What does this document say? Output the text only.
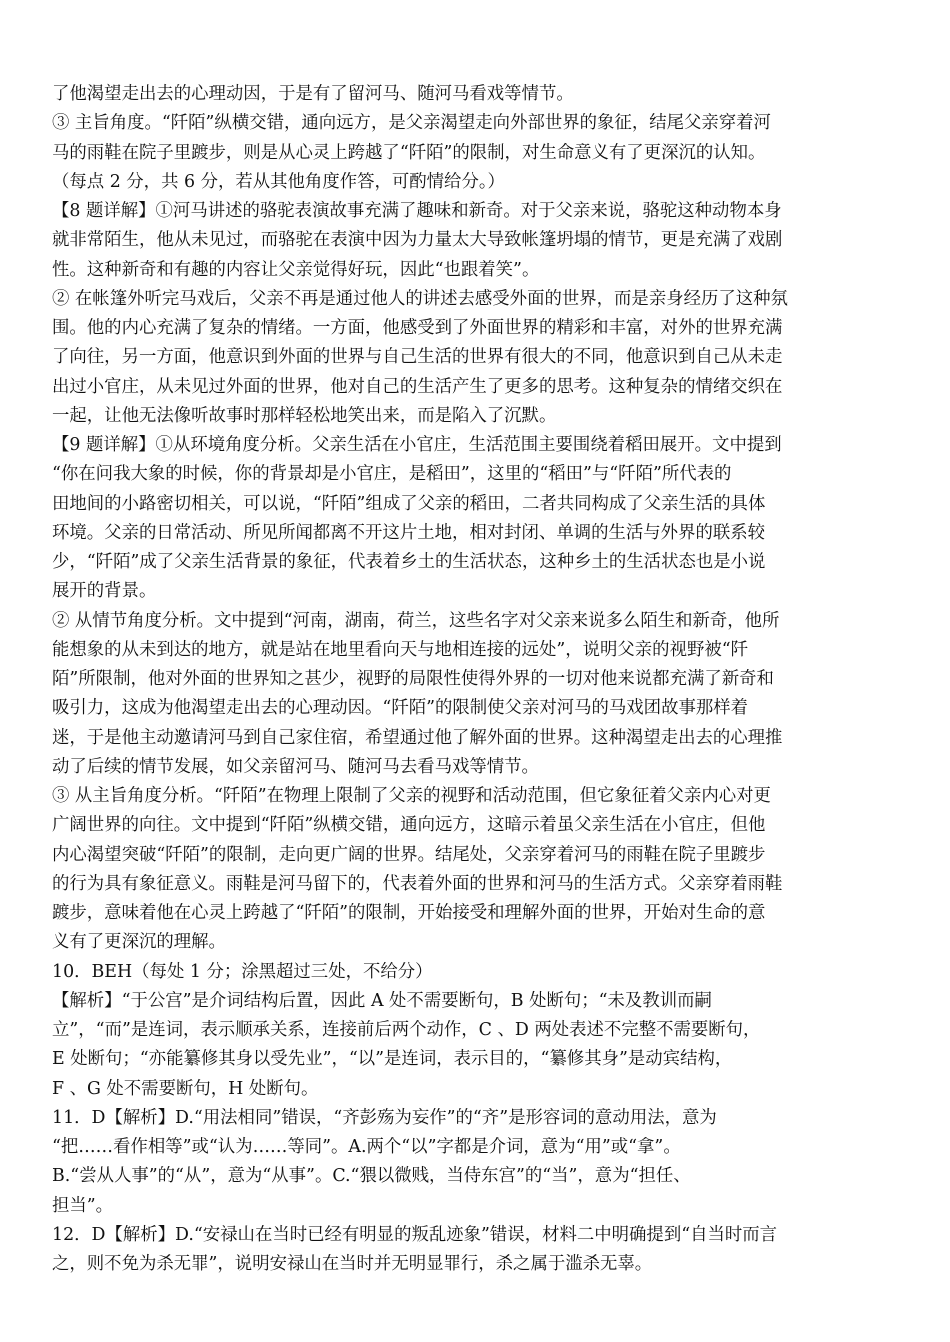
了他渴望走出去的心理动因，于是有了留河马、随河马看戏等情节。
③ 主旨角度。“阡陌”纵横交错，通向远方，是父亲渴望走向外部世界的象征，结尾父亲穿着河
马的雨鞋在院子里踱步，则是从心灵上跨越了“阡陌”的限制，对生命意义有了更深沉的认知。
（每点 2 分，共 6 分，若从其他角度作答，可酌情给分。）
【8 题详解】①河马讲述的骆驼表演故事充满了趣味和新奇。对于父亲来说，骆驼这种动物本身
就非常陌生，他从未见过，而骆驼在表演中因为力量太大导致帐篷坍塌的情节，更是充满了戏剧
性。这种新奇和有趣的内容让父亲觉得好玩，因此“也跟着笑”。
② 在帐篷外听完马戏后，父亲不再是通过他人的讲述去感受外面的世界，而是亲身经历了这种氛
围。他的内心充满了复杂的情绪。一方面，他感受到了外面世界的精彩和丰富，对外的世界充满
了向往，另一方面，他意识到外面的世界与自己生活的世界有很大的不同，他意识到自己从未走
出过小官庄，从未见过外面的世界，他对自己的生活产生了更多的思考。这种复杂的情绪交织在
一起，让他无法像听故事时那样轻松地笑出来，而是陷入了沉默。
【9 题详解】①从环境角度分析。父亲生活在小官庄，生活范围主要围绕着稻田展开。文中提到
“你在问我大象的时候，你的背景却是小官庄，是稻田”，这里的“稻田”与“阡陌”所代表的
田地间的小路密切相关，可以说，“阡陌”组成了父亲的稻田，二者共同构成了父亲生活的具体
环境。父亲的日常活动、所见所闻都离不开这片土地，相对封闭、单调的生活与外界的联系较
少，“阡陌”成了父亲生活背景的象征，代表着乡土的生活状态，这种乡土的生活状态也是小说
展开的背景。
② 从情节角度分析。文中提到“河南，湖南，荷兰，这些名字对父亲来说多么陌生和新奇，他所
能想象的从未到达的地方，就是站在地里看向天与地相连接的远处”，说明父亲的视野被“阡
陌”所限制，他对外面的世界知之甚少，视野的局限性使得外界的一切对他来说都充满了新奇和
吸引力，这成为他渴望走出去的心理动因。“阡陌”的限制使父亲对河马的马戏团故事那样着
迷，于是他主动邀请河马到自己家住宿，希望通过他了解外面的世界。这种渴望走出去的心理推
动了后续的情节发展，如父亲留河马、随河马去看马戏等情节。
③ 从主旨角度分析。“阡陌”在物理上限制了父亲的视野和活动范围，但它象征着父亲内心对更
广阔世界的向往。文中提到“阡陌”纵横交错，通向远方，这暗示着虽父亲生活在小官庄，但他
内心渴望突破“阡陌”的限制，走向更广阔的世界。结尾处，父亲穿着河马的雨鞋在院子里踱步
的行为具有象征意义。雨鞋是河马留下的，代表着外面的世界和河马的生活方式。父亲穿着雨鞋
踱步，意味着他在心灵上跨越了“阡陌”的限制，开始接受和理解外面的世界，开始对生命的意
义有了更深沉的理解。
10．BEH（每处 1 分；涂黑超过三处，不给分）
【解析】“于公宫”是介词结构后置，因此 A 处不需要断句，B 处断句；“未及教训而嗣
立”，“而”是连词，表示顺承关系，连接前后两个动作，C 、D 两处表述不完整不需要断句，
E 处断句；“亦能纂修其身以受先业”，“以”是连词，表示目的，“纂修其身”是动宾结构，
F 、G 处不需要断句，H 处断句。
11．D【解析】D.“用法相同”错误，“齐彭殇为妄作”的“齐”是形容词的意动用法，意为
“把……看作相等”或“认为……等同”。A.两个“以”字都是介词，意为“用”或“拿”。
B.“尝从人事”的“从”，意为“从事”。C.“猥以微贱，当侍东宫”的“当”，意为“担任、
担当”。
12．D【解析】D.“安禄山在当时已经有明显的叛乱迹象”错误，材料二中明确提到“自当时而言
之，则不免为杀无罪”，说明安禄山在当时并无明显罪行，杀之属于滥杀无辜。
